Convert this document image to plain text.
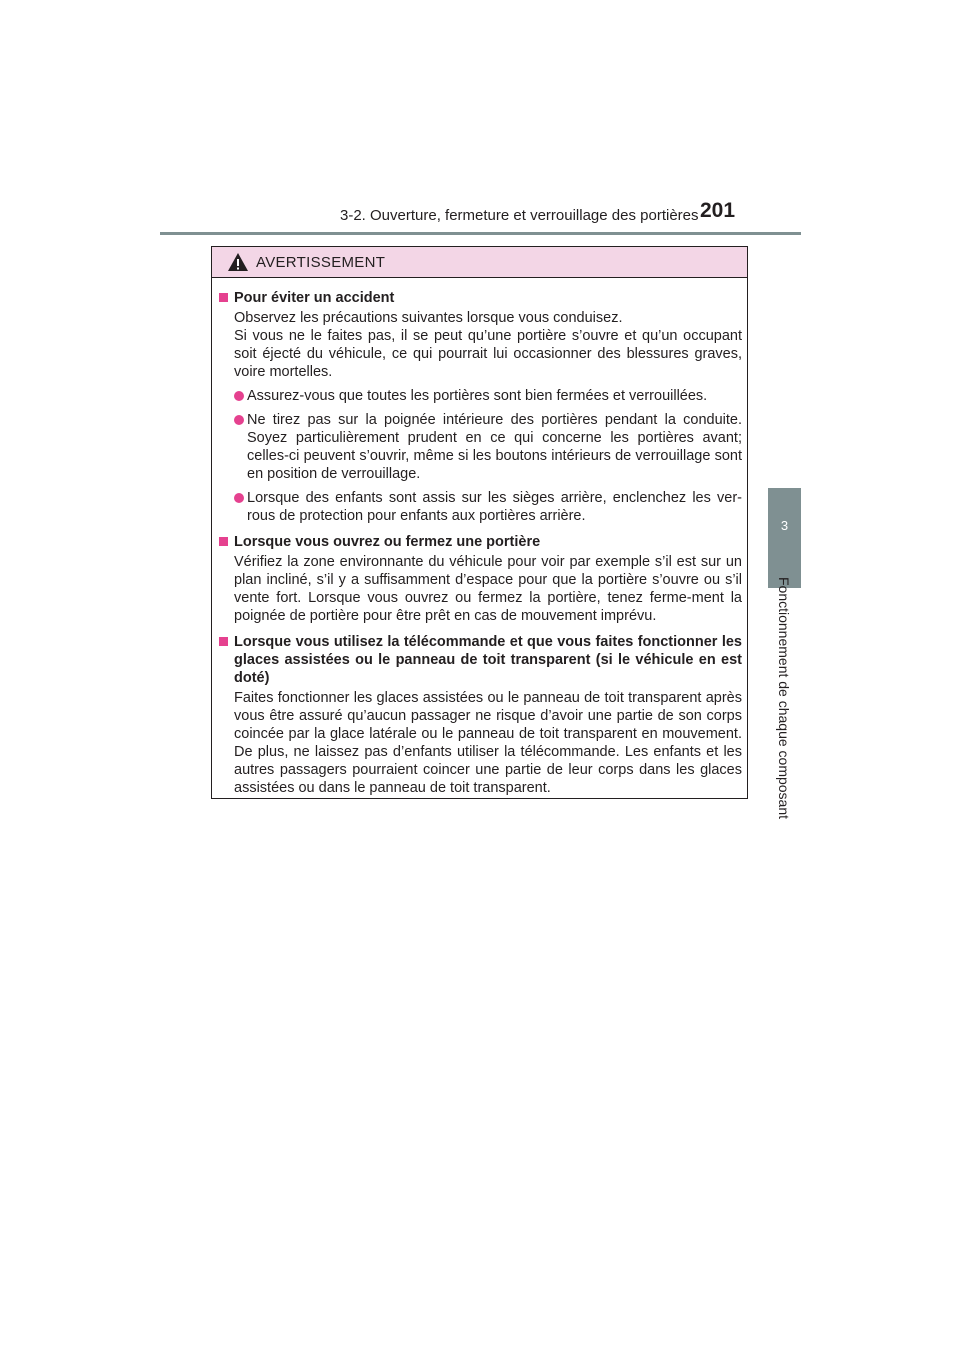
3-2. Ouverture, fermeture et verrouillage des portières 201
3
Fonctionnement de chaque composant
AVERTISSEMENT
Pour éviter un accident
Observez les précautions suivantes lorsque vous conduisez.
Si vous ne le faites pas, il se peut qu’une portière s’ouvre et qu’un occupant soit éjecté du véhicule, ce qui pourrait lui occasionner des blessures graves, voire mortelles.
Assurez-vous que toutes les portières sont bien fermées et verrouillées.
Ne tirez pas sur la poignée intérieure des portières pendant la conduite. Soyez particulièrement prudent en ce qui concerne les portières avant; celles-ci peuvent s’ouvrir, même si les boutons intérieurs de verrouillage sont en position de verrouillage.
Lorsque des enfants sont assis sur les sièges arrière, enclenchez les ver-rous de protection pour enfants aux portières arrière.
Lorsque vous ouvrez ou fermez une portière
Vérifiez la zone environnante du véhicule pour voir par exemple s’il est sur un plan incliné, s’il y a suffisamment d’espace pour que la portière s’ouvre ou s’il vente fort. Lorsque vous ouvrez ou fermez la portière, tenez ferme-ment la poignée de portière pour être prêt en cas de mouvement imprévu.
Lorsque vous utilisez la télécommande et que vous faites fonctionner les glaces assistées ou le panneau de toit transparent (si le véhicule en est doté)
Faites fonctionner les glaces assistées ou le panneau de toit transparent après vous être assuré qu’aucun passager ne risque d’avoir une partie de son corps coincée par la glace latérale ou le panneau de toit transparent en mouvement. De plus, ne laissez pas d’enfants utiliser la télécommande. Les enfants et les autres passagers pourraient coincer une partie de leur corps dans les glaces assistées ou dans le panneau de toit transparent.
